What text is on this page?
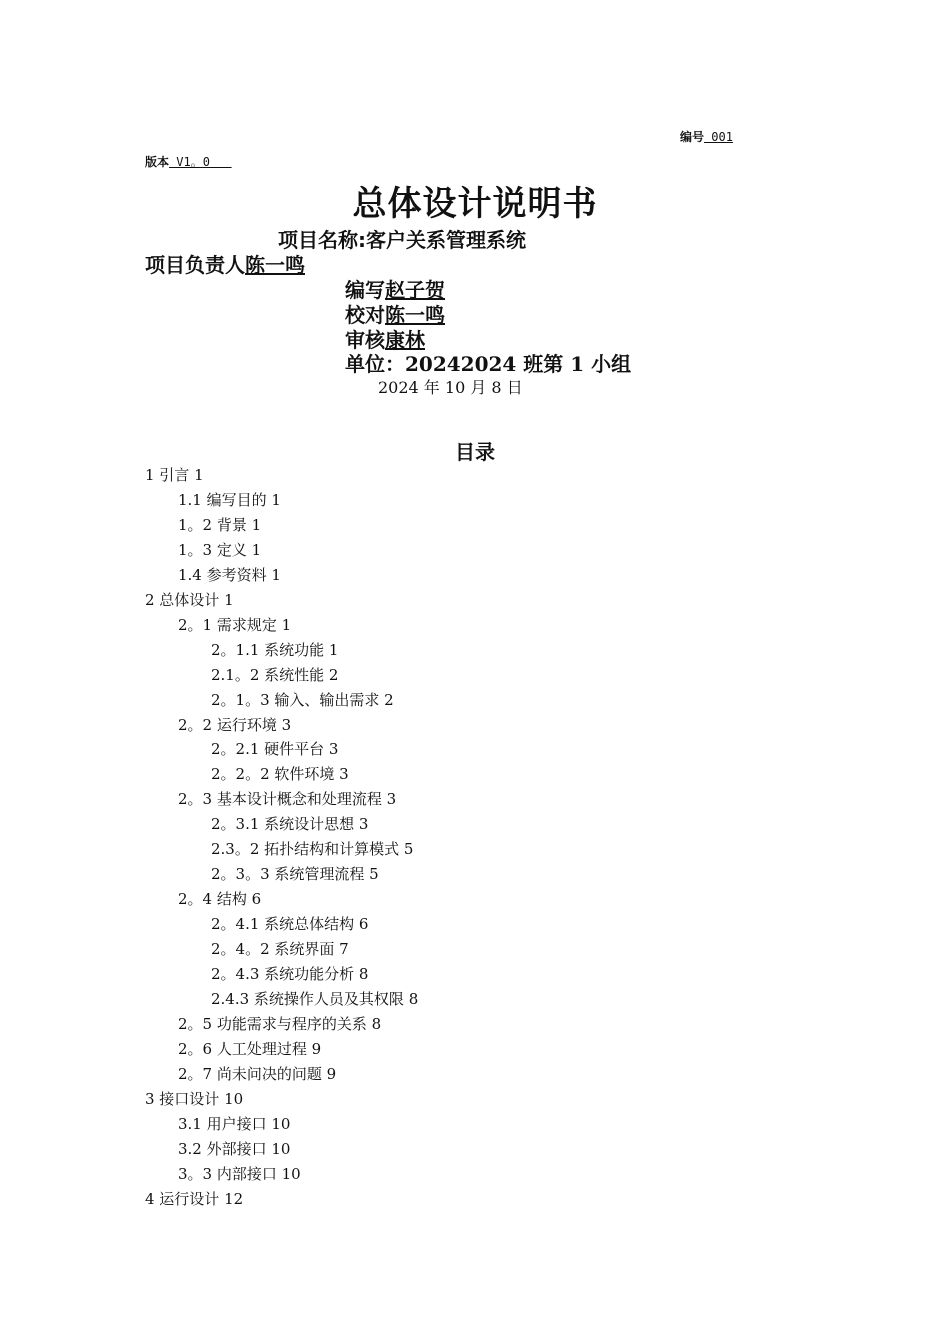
编号 001
版本 V1。0
总体设计说明书
项目名称:客户关系管理系统
项目负责人陈一鸣
编写赵子贺
校对陈一鸣
审核康林
单位：20242024 班第 1 小组
2024 年 10 月 8 日
目录
1 引言 1
1.1 编写目的 1
1。2 背景 1
1。3 定义 1
1.4 参考资料 1
2 总体设计 1
2。1 需求规定 1
2。1.1 系统功能 1
2.1。2 系统性能 2
2。1。3 输入、输出需求 2
2。2 运行环境 3
2。2.1 硬件平台 3
2。2。2 软件环境 3
2。3 基本设计概念和处理流程 3
2。3.1 系统设计思想 3
2.3。2 拓扑结构和计算模式 5
2。3。3 系统管理流程 5
2。4 结构 6
2。4.1 系统总体结构 6
2。4。2 系统界面 7
2。4.3 系统功能分析 8
2.4.3 系统操作人员及其权限 8
2。5 功能需求与程序的关系 8
2。6 人工处理过程 9
2。7 尚未问决的问题 9
3 接口设计 10
3.1 用户接口 10
3.2 外部接口 10
3。3 内部接口 10
4 运行设计 12
